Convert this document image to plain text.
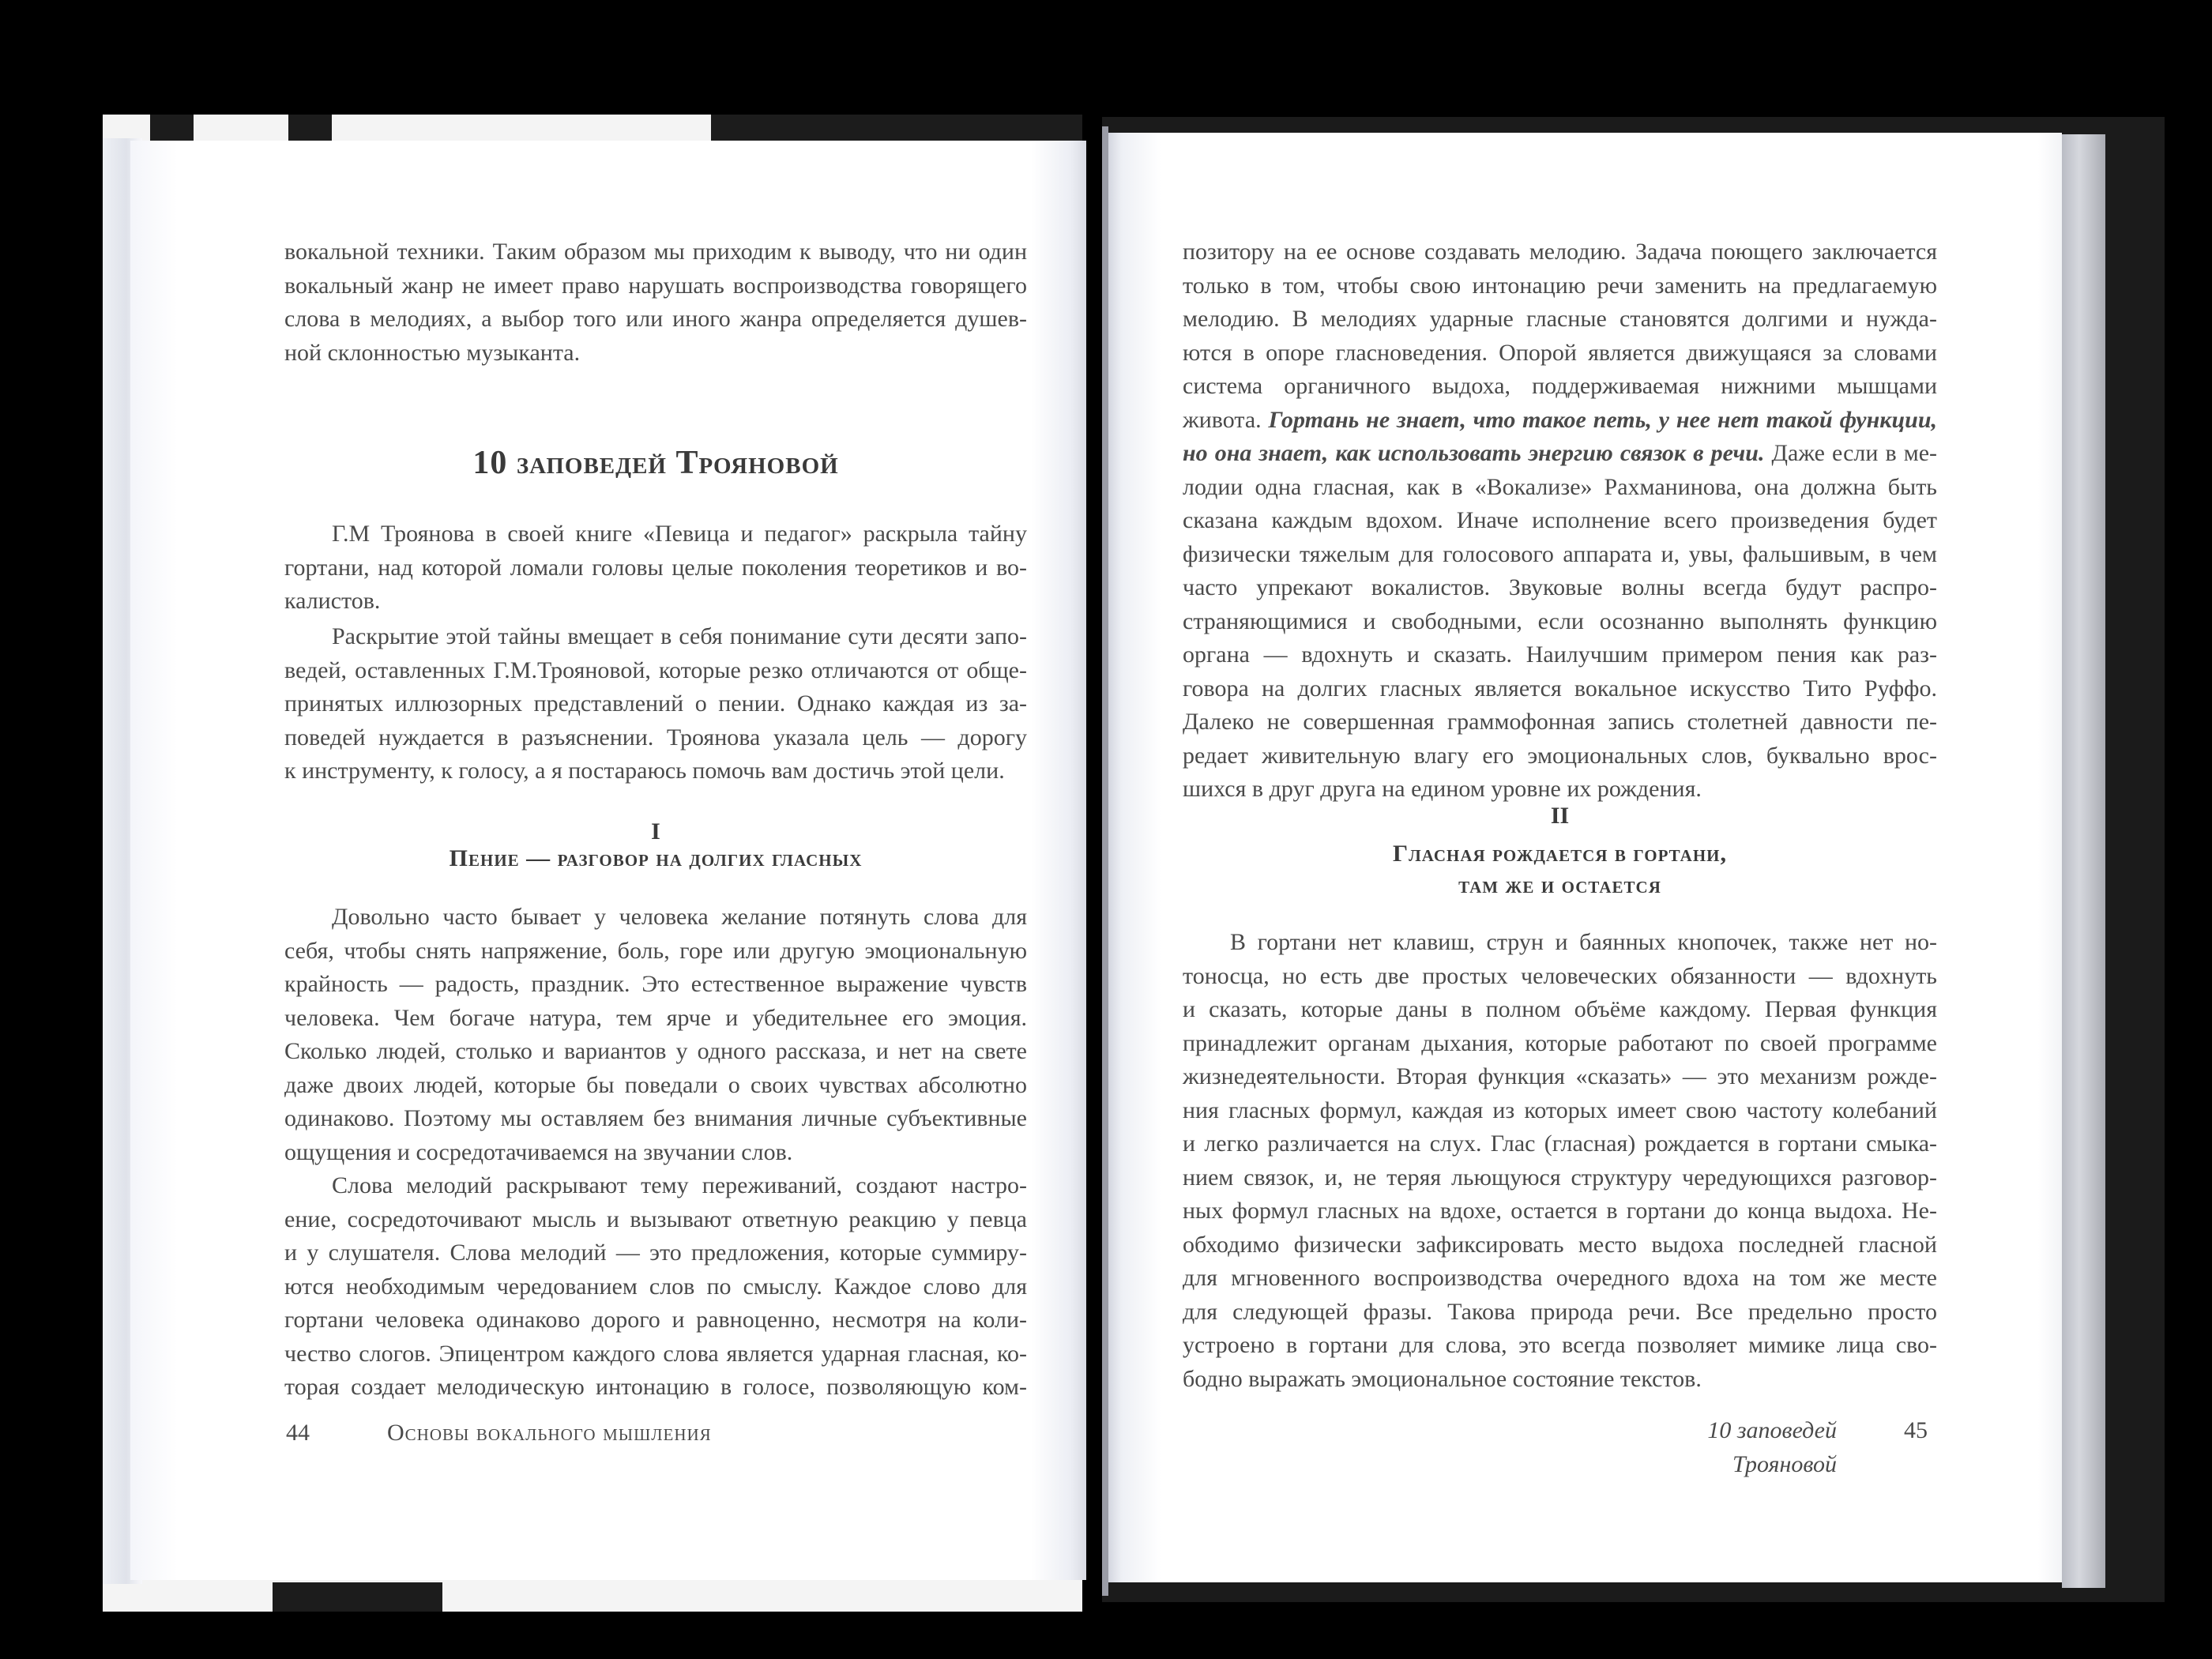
вокальной техники. Таким образом мы приходим к выводу, что ни один
вокальный жанр не имеет право нарушать воспроизводства говорящего
слова в мелодиях, а выбор того или иного жанра определяется душев-
ной склонностью музыканта.
10 заповедей Трояновой
Г.М Троянова в своей книге «Певица и педагог» раскрыла тайну
гортани, над которой ломали головы целые поколения теоретиков и во-
калистов.
Раскрытие этой тайны вмещает в себя понимание сути десяти запо-
ведей, оставленных Г.М.Трояновой, которые резко отличаются от обще-
принятых иллюзорных представлений о пении. Однако каждая из за-
поведей нуждается в разъяснении. Троянова указала цель — дорогу
к инструменту, к голосу, а я постараюсь помочь вам достичь этой цели.
I
Пение — разговор на долгих гласных
Довольно часто бывает у человека желание потянуть слова для
себя, чтобы снять напряжение, боль, горе или другую эмоциональную
крайность — радость, праздник. Это естественное выражение чувств
человека. Чем богаче натура, тем ярче и убедительнее его эмоция.
Сколько людей, столько и вариантов у одного рассказа, и нет на свете
даже двоих людей, которые бы поведали о своих чувствах абсолютно
одинаково. Поэтому мы оставляем без внимания личные субъективные
ощущения и сосредотачиваемся на звучании слов.
Слова мелодий раскрывают тему переживаний, создают настро-
ение, сосредоточивают мысль и вызывают ответную реакцию у певца
и у слушателя. Слова мелодий — это предложения, которые суммиру-
ются необходимым чередованием слов по смыслу. Каждое слово для
гортани человека одинаково дорого и равноценно, несмотря на коли-
чество слогов. Эпицентром каждого слова является ударная гласная, ко-
торая создает мелодическую интонацию в голосе, позволяющую ком-
44	Основы вокального мышления
позитору на ее основе создавать мелодию. Задача поющего заключается
только в том, чтобы свою интонацию речи заменить на предлагаемую
мелодию. В мелодиях ударные гласные становятся долгими и нужда-
ются в опоре гласноведения. Опорой является движущаяся за словами
система органичного выдоха, поддерживаемая нижними мышцами
живота. Гортань не знает, что такое петь, у нее нет такой функции,
но она знает, как использовать энергию связок в речи. Даже если в ме-
лодии одна гласная, как в «Вокализе» Рахманинова, она должна быть
сказана каждым вдохом. Иначе исполнение всего произведения будет
физически тяжелым для голосового аппарата и, увы, фальшивым, в чем
часто упрекают вокалистов. Звуковые волны всегда будут распро-
страняющимися и свободными, если осознанно выполнять функцию
органа — вдохнуть и сказать. Наилучшим примером пения как раз-
говора на долгих гласных является вокальное искусство Тито Руффо.
Далеко не совершенная граммофонная запись столетней давности пе-
редает живительную влагу его эмоциональных слов, буквально врос-
шихся в друг друга на едином уровне их рождения.
II
Гласная рождается в гортани,
там же и остается
В гортани нет клавиш, струн и баянных кнопочек, также нет но-
тоносца, но есть две простых человеческих обязанности — вдохнуть
и сказать, которые даны в полном объёме каждому. Первая функция
принадлежит органам дыхания, которые работают по своей программе
жизнедеятельности. Вторая функция «сказать» — это механизм рожде-
ния гласных формул, каждая из которых имеет свою частоту колебаний
и легко различается на слух. Глас (гласная) рождается в гортани смыка-
нием связок, и, не теряя льющуюся структуру чередующихся разговор-
ных формул гласных на вдохе, остается в гортани до конца выдоха. Не-
обходимо физически зафиксировать место выдоха последней гласной
для мгновенного воспроизводства очередного вдоха на том же месте
для следующей фразы. Такова природа речи. Все предельно просто
устроено в гортани для слова, это всегда позволяет мимике лица сво-
бодно выражать эмоциональное состояние текстов.
10 заповедей Трояновой
45
